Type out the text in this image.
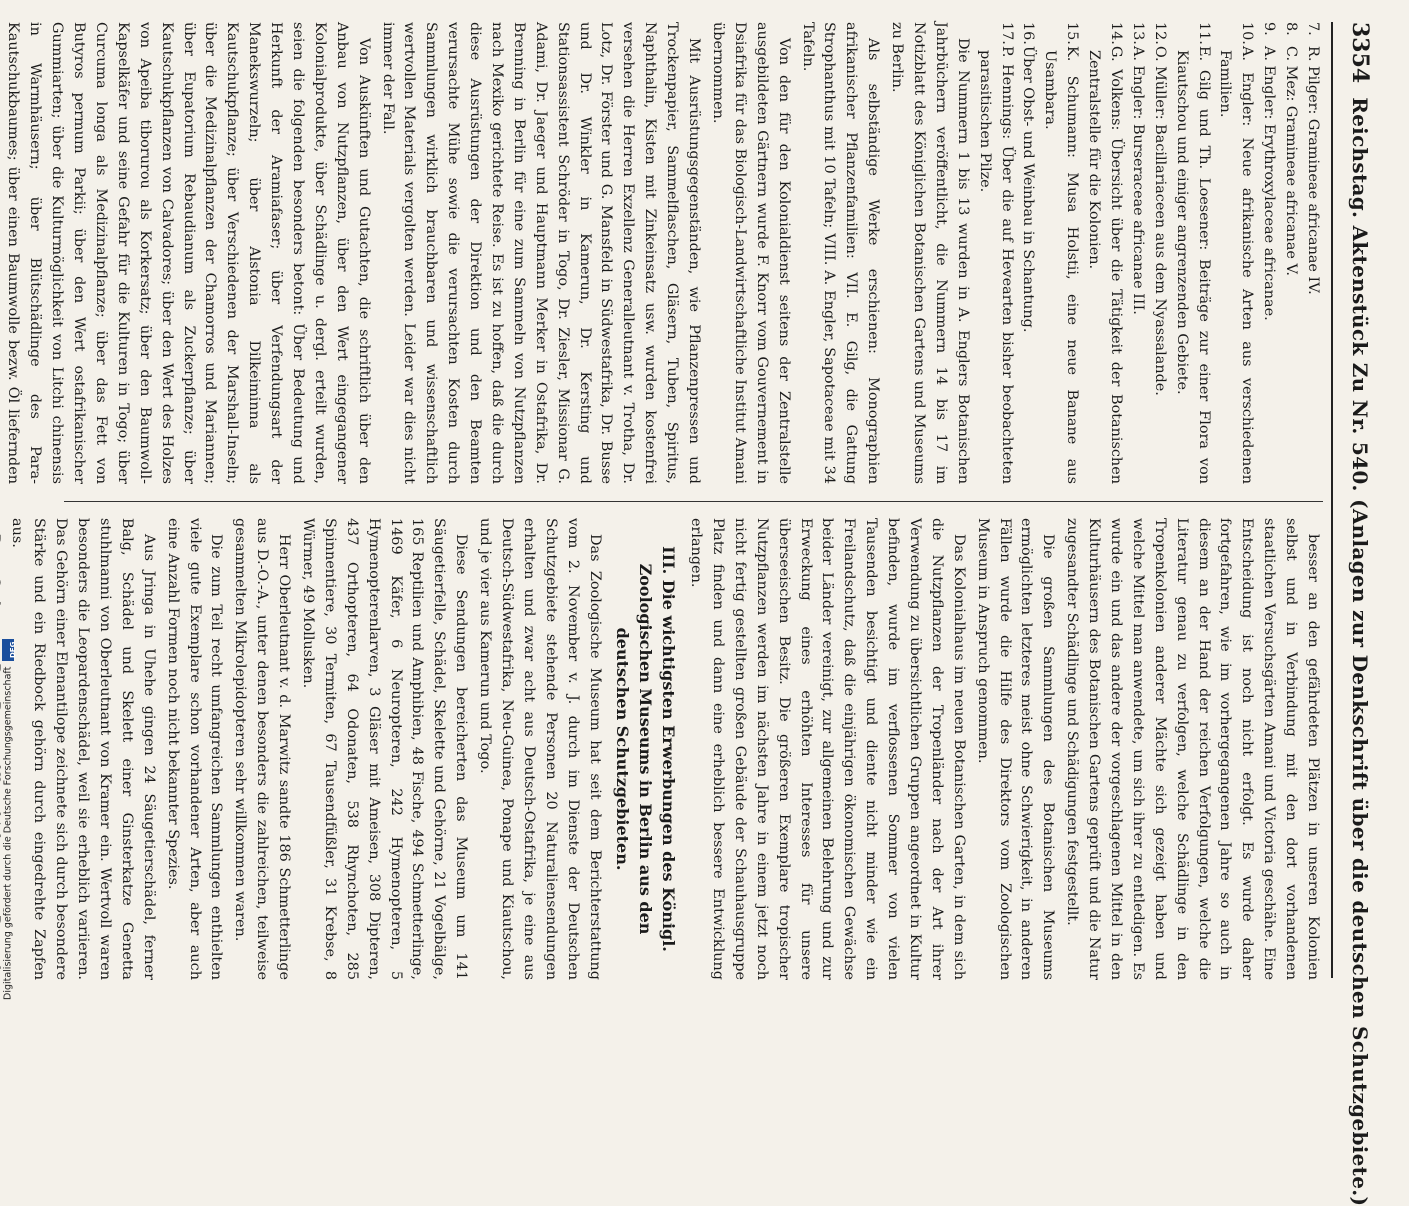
3354
Reichstag. Aktenstück Zu Nr. 540. (Anlagen zur Denkschrift über die deutschen Schutzgebiete.)
7.R. Pilger: Gramineae africanae IV.
8.C. Mez: Gramineae africanae V.
9.A. Engler: Erythroxylaceae africanae.
10.A. Engler: Neue afrikanische Arten aus verschiedenen Familien.
11.E. Gilg und Th. Loesener: Beiträge zur einer Flora von Kiautschou und einiger angrenzenden Gebiete.
12.O. Müller: Bacillariaceen aus dem Nyassalande.
13.A. Engler: Burseraceae africanae III.
14.G. Volkens: Übersicht über die Tätigkeit der Botanischen Zentralstelle für die Kolonien.
15.K. Schumann: Musa Holstii, eine neue Banane aus Usambara.
16.Über Obst- und Weinbau in Schantung.
17.P. Hennings: Über die auf Hevearten bisher beobachteten parasitischen Pilze.

Die Nummern 1 bis 13 wurden in A. Englers Botanischen Jahrbüchern veröffentlicht, die Nummern 14 bis 17 im Notizblatt des Königlichen Botanischen Gartens und Museums zu Berlin.

Als selbständige Werke erschienen: Monographien afrikanischer Pflanzenfamilien: VII. E. Gilg, die Gattung Strophanthus mit 10 Tafeln; VIII. A. Engler, Sapotaceae mit 34 Tafeln.

Von den für den Kolonialdienst seitens der Zentralstelle ausgebildeten Gärtnern wurde F. Knorr vom Gouvernement in Dsiafrika für das Biologisch-Landwirtschaftliche Institut Amani übernommen.

Mit Ausrüstungsgegenständen, wie Pflanzenpressen und Trockenpapier, Sammelflaschen, Gläsern, Tuben, Spiritus, Naphthalin, Kisten mit Zinkeinsatz usw. wurden kostenfrei versehen die Herren Exzellenz Generalleutnant v. Trotha, Dr. Lotz, Dr. Förster und G. Mansfeld in Südwestafrika, Dr. Busse und Dr. Winkler in Kamerun, Dr. Kersting und Stationsassistent Schröder in Togo, Dr. Ziesler, Missionar G. Adami, Dr. Jaeger und Hauptmann Merker in Ostafrika, Dr. Brenning in Berlin für eine zum Sammeln von Nutzpflanzen nach Mexiko gerichtete Reise. Es ist zu hoffen, daß die durch diese Ausrüstungen der Direktion und den Beamten verursachte Mühe sowie die verursachten Kosten durch Sammlungen wirklich brauchbaren und wissenschaftlich wertvollen Materials vergolten werden. Leider war dies nicht immer der Fall.

Von Auskünften und Gutachten, die schriftlich über den Anbau von Nutzpflanzen, über den Wert eingegangener Kolonialprodukte, über Schädlinge u. dergl. erteilt wurden, seien die folgenden besonders betont: Über Bedeutung und Herkunft der Aramiafaser; über Verfendungsart der Manekswurzeln; über Alstonia Dilkeiminna als Kautschukpflanze; über Verschiedenen der Marshall-Inseln; über die Medizinalpflanzen der Chamorros und Mariannen; über Eupatorium Rebaudianum als Zuckerpflanze; über Kautschukpflanzen von Calvadores; über den Wert des Holzes von Apeiba tiborurou als Korkersatz; über den Baumwoll-Kapselkäfer und seine Gefahr für die Kulturen in Togo; über Curcuma longa als Medizinalpflanze; über das Fett von Butyros permum Parkii; über den Wert ostafrikanischer Gummiarten; über die Kulturmöglichkeit von Litchi chinensis in Warmhäusern; über Blütschädlinge des Para-Kautschukbaumes; über einen Baumwolle bezw. Öl liefernden

besser an den gefährdeten Plätzen in unseren Kolonien selbst und in Verbindung mit den dort vorhandenen staatlichen Versuchsgärten Amani und Victoria geschähe. Eine Entscheidung ist noch nicht erfolgt. Es wurde daher fortgefahren, wie im vorhergegangenen Jahre so auch in diesem an der Hand der reichen Verfolgungen, welche die Literatur genau zu verfolgen, welche Schädlinge in den Tropenkolonien anderer Mächte sich gezeigt haben und welche Mittel man anwendete, um sich ihrer zu entledigen. Es wurde ein und das andere der vorgeschlagenen Mittel in den Kulturhäusern des Botanischen Gartens geprüft und die Natur zugesandter Schädlinge und Schädigungen festgestellt.

Die großen Sammlungen des Botanischen Museums ermöglichten letzteres meist ohne Schwierigkeit, in anderen Fällen wurde die Hilfe des Direktors vom Zoologischen Museum in Anspruch genommen.

Das Kolonialhaus im neuen Botanischen Garten, in dem sich die Nutzpflanzen der Tropenländer nach der Art ihrer Verwendung zu übersichtlichen Gruppen angeordnet in Kultur befinden, wurde im verflossenen Sommer von vielen Tausenden besichtigt und diente nicht minder wie ein Freilandschutz, daß die einjährigen ökonomischen Gewächse beider Länder vereinigt, zur allgemeinen Belehrung und zur Erweckung eines erhöhten Interesses für unsere überseeischen Besitz. Die größeren Exemplare tropischer Nutzpflanzen werden im nächsten Jahre in einem jetzt noch nicht fertig gestellten großen Gebäude der Schauhausgruppe Platz finden und dann eine erheblich bessere Entwicklung erlangen.

III. Die wichtigsten Erwerbungen des Königl. Zoologischen Museums in Berlin aus den deutschen Schutzgebieten.

Das Zoologische Museum hat seit dem Berichterstattung vom 2. November v. J. durch im Dienste der Deutschen Schutzgebiete stehende Personen 20 Naturaliensendungen erhalten und zwar acht aus Deutsch-Ostafrika, je eine aus Deutsch-Südwestafrika, Neu-Guinea, Ponape und Kiautschou, und je vier aus Kamerun und Togo.

Diese Sendungen bereicherten das Museum um 141 Säugetierfelle, Schädel, Skelette und Gehörne, 21 Vogelbälge, 165 Reptilien und Amphibien, 48 Fische, 494 Schmetterlinge, 1469 Käfer, 6 Neuropteren, 242 Hymenopteren, 5 Hymenopterenlarven, 3 Gläser mit Ameisen, 308 Dipteren, 437 Orthopteren, 64 Odonaten, 538 Rhynchoten, 285 Spinnentiere, 30 Termiten, 67 Tausendfüßler, 31 Krebse, 8 Würmer, 49 Mollusken.

Herr Oberleutnant v. d. Marwitz sandte 186 Schmetterlinge aus D.-O.-A., unter denen besonders die zahlreichen, teilweise gesammelten Mikrolepidopteren sehr willkommen waren.

Die zum Teil recht umfangreichen Sammlungen enthielten viele gute Exemplare schon vorhandener Arten, aber auch eine Anzahl Formen noch nicht bekannter Spezies.

Aus Jringa in Uhehe gingen 24 Säugetierschädel, ferner Balg, Schädel und Skelett einer Ginsterkatze Genetta stuhlmanni von Oberleutnant von Kramer ein. Wertvoll waren besonders die Leopardenschädel, weil sie erheblich variieren. Das Gehörn einer Elenantilope zeichnete sich durch besondere Stärke und ein Riedbock gehörn durch eingedrehte Zapfen aus.

Digitalisierung gefördert durch die Deutsche Forschungsgemeinschaft
DFG
